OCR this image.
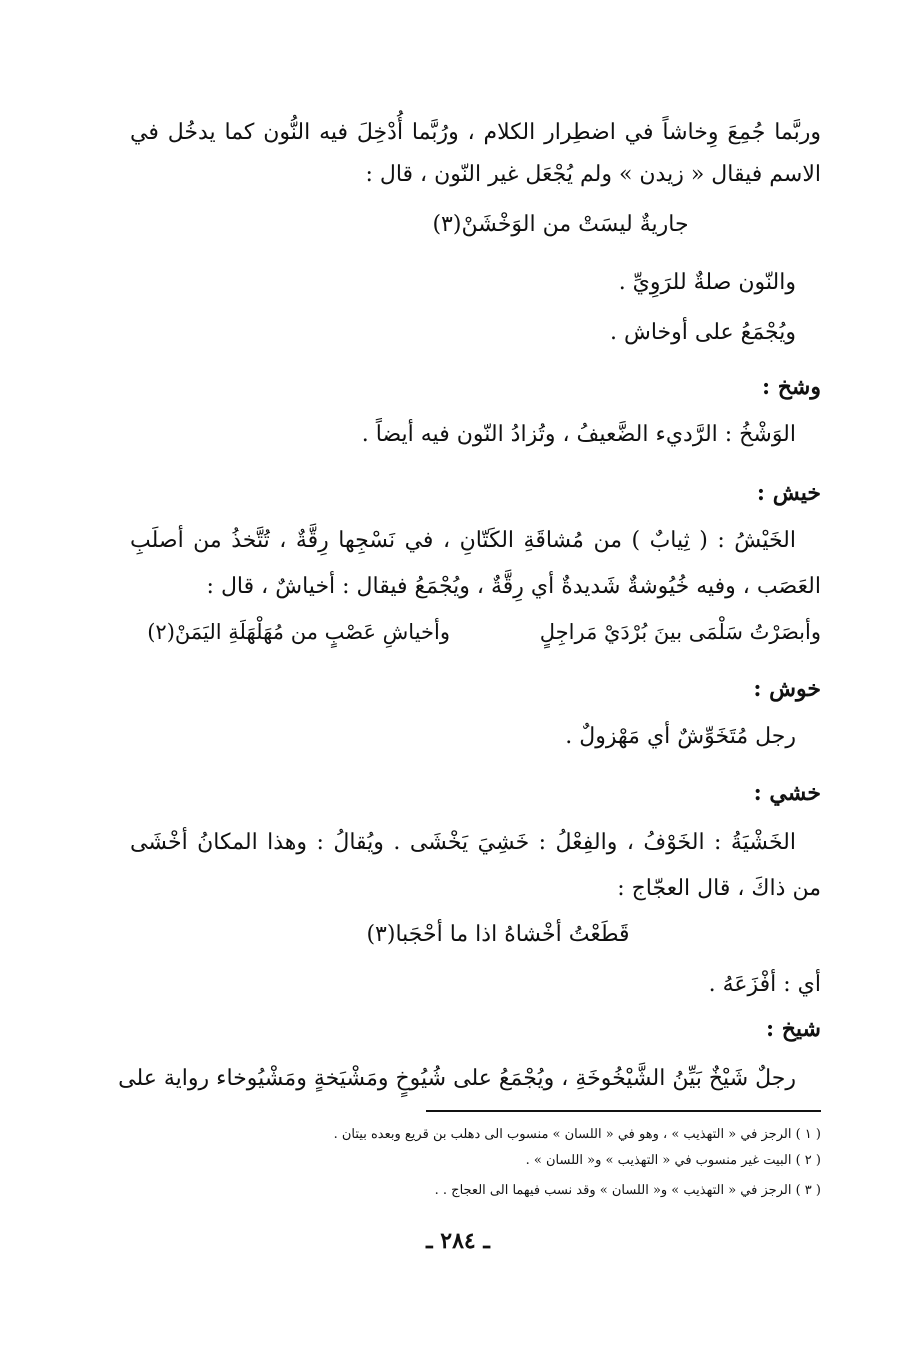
وربَّما جُمِعَ وِخاشاً في اضطِرار الكلام ، ورُبَّما أُدْخِلَ فيه النُّون كما يدخُل في
الاسم فيقال « زيدن » ولم يُجْعَل غير النّون ، قال :
جاريةٌ ليسَتْ من الوَخْشَنْ(٣)
والنّون صلةٌ للرَوِيِّ .
ويُجْمَعُ على أوخاش .
وشخ :
الوَشْخُ : الرَّديء الضَّعيفُ ، وتُزادُ النّون فيه أيضاً .
خيش :
الخَيْشُ : ( ثِيابٌ ) من مُشاقَةِ الكَتّانِ ، في نَسْجِها رِقَّةٌ ، تُتَّخذُ من أصلَبِ
العَصَب ، وفيه خُيُوشةٌ شَديدةٌ أي رِقَّةٌ ، ويُجْمَعُ فيقال : أخياشٌ ، قال :
وأبصَرْتُ سَلْمَى بينَ بُرْدَيْ مَراجِلٍ
وأخياشِ عَصْبٍ من مُهَلْهَلَةِ اليَمَنْ(٢)
خوش :
رجل مُتَخَوِّشٌ أي مَهْزولٌ .
خشي :
الخَشْيَةُ : الخَوْفُ ، والفِعْلُ : خَشِيَ يَخْشَى . ويُقالُ : وهذا المكانُ أخْشَى
من ذاكَ ، قال العجّاج :
قَطَعْتُ أخْشاهُ اذا ما أحْجَبا(٣)
أي : أفْزَعَهُ .
شيخ :
رجلٌ شَيْخٌ بَيِّنُ الشَّيْخُوخَةِ ، ويُجْمَعُ على شُيُوخٍ ومَشْيَخةٍ ومَشْيُوخاء رواية على
( ١ ) الرجز في « التهذيب » ، وهو في « اللسان » منسوب الى دهلب بن قريع وبعده بيتان .
( ٢ ) البيت غير منسوب في « التهذيب » و« اللسان » .
( ٣ ) الرجز في « التهذيب » و« اللسان » وقد نسب فيهما الى العجاج . .
ـ ٢٨٤ ـ
